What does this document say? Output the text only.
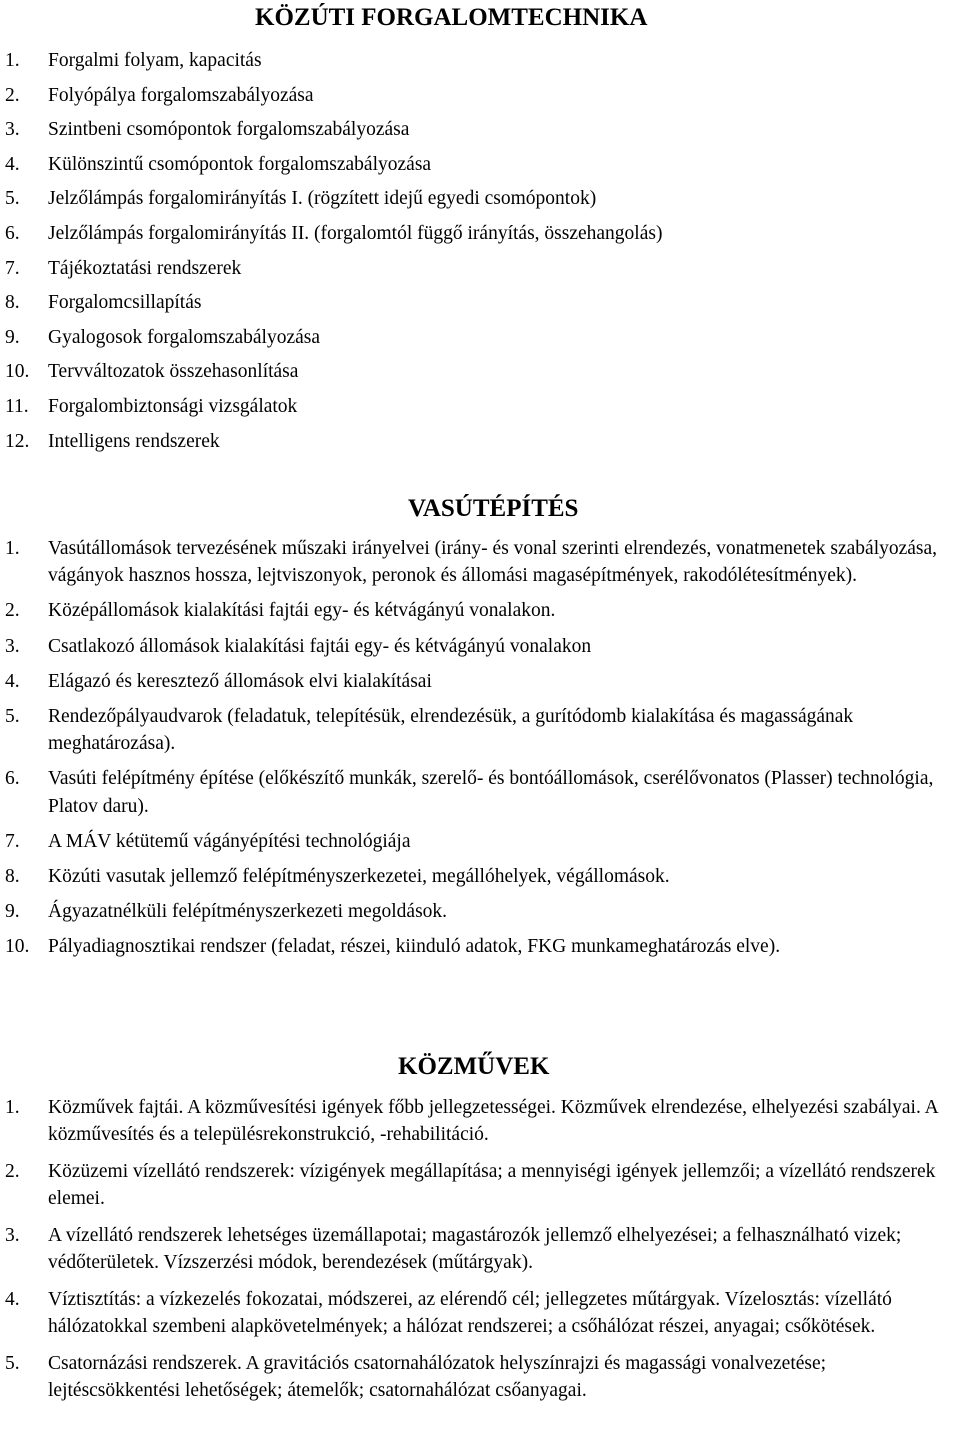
KÖZÚTI FORGALOMTECHNIKA
1. Forgalmi folyam, kapacitás
2. Folyópálya forgalomszabályozása
3. Szintbeni csomópontok forgalomszabályozása
4. Különszintű csomópontok forgalomszabályozása
5. Jelzőlámpás forgalomirányítás I. (rögzített idejű egyedi csomópontok)
6. Jelzőlámpás forgalomirányítás II. (forgalomtól függő irányítás, összehangolás)
7. Tájékoztatási rendszerek
8. Forgalomcsillapítás
9. Gyalogosok forgalomszabályozása
10. Tervváltozatok összehasonlítása
11. Forgalombiztonsági vizsgálatok
12. Intelligens rendszerek
VASÚTÉPÍTÉS
1. Vasútállomások tervezésének műszaki irányelvei (irány- és vonal szerinti elrendezés, vonatmenetek szabályozása, vágányok hasznos hossza, lejtviszonyok, peronok és állomási magasépítmények, rakodólétesítmények).
2. Középállomások kialakítási fajtái egy- és kétvágányú vonalakon.
3. Csatlakozó állomások kialakítási fajtái egy- és kétvágányú vonalakon
4. Elágazó és keresztező állomások elvi kialakításai
5. Rendezőpályaudvarok (feladatuk, telepítésük, elrendezésük, a gurítódomb kialakítása és magasságának meghatározása).
6. Vasúti felépítmény építése (előkészítő munkák, szerelő- és bontóállomások, cserélővonatos (Plasser) technológia, Platov daru).
7. A MÁV kétütemű vágányépítési technológiája
8. Közúti vasutak jellemző felépítményszerkezetei, megállóhelyek, végállomások.
9. Ágyazatnélküli felépítményszerkezeti megoldások.
10. Pályadiagnosztikai rendszer (feladat, részei, kiinduló adatok, FKG munkameghatározás elve).
KÖZMŰVEK
1. Közművek fajtái. A közművesítési igények főbb jellegzetességei. Közművek elrendezése, elhelyezési szabályai. A közművesítés és a településrekonstrukció, -rehabilitáció.
2. Közüzemi vízellátó rendszerek: vízigények megállapítása; a mennyiségi igények jellemzői; a vízellátó rendszerek elemei.
3. A vízellátó rendszerek lehetséges üzemállapotai; magastározók jellemző elhelyezései; a felhasználható vizek; védőterületek. Vízszerzési módok, berendezések (műtárgyak).
4. Víztisztítás: a vízkezelés fokozatai, módszerei, az elérendő cél; jellegzetes műtárgyak. Vízelosztás: vízellátó hálózatokkal szembeni alapkövetelmények; a hálózat rendszerei; a csőhálózat részei, anyagai; csőkötések.
5. Csatornázási rendszerek. A gravitációs csatornahálózatok helyszínrajzi és magassági vonalvezetése; lejtéscsökkentési lehetőségek; átemelők; csatornahálózat csőanyagai.
